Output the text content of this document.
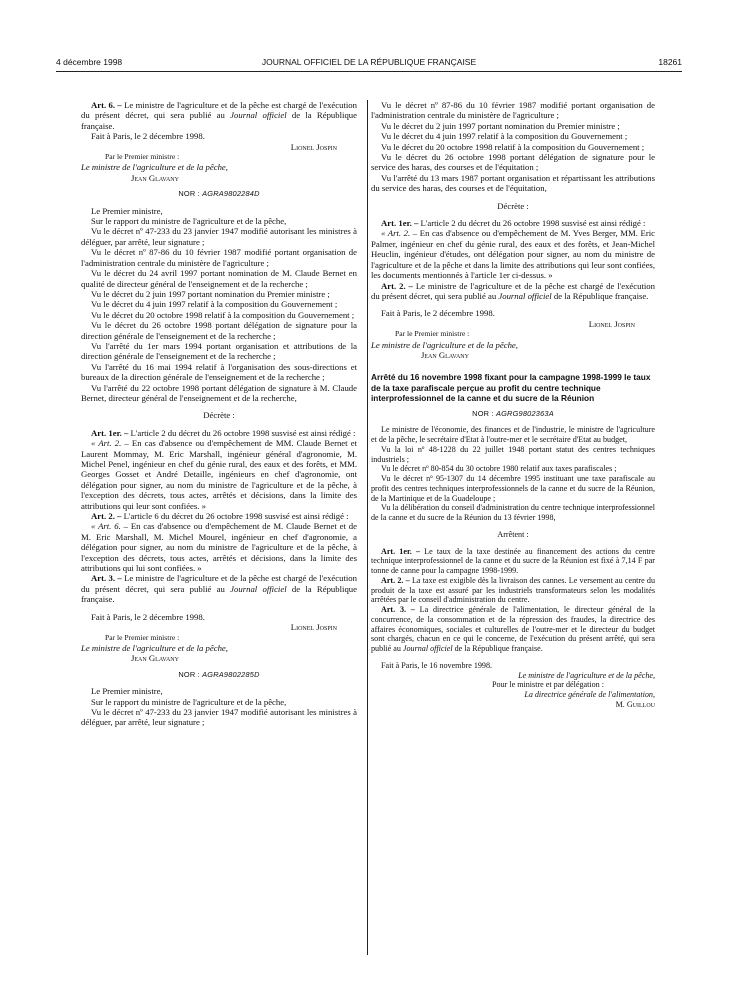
4 décembre 1998	JOURNAL OFFICIEL DE LA RÉPUBLIQUE FRANÇAISE	18261

Art. 6. – Le ministre de l'agriculture et de la pêche est chargé de l'exécution du présent décret, qui sera publié au Journal officiel de la République française.

Fait à Paris, le 2 décembre 1998.

Lionel Jospin

Par le Premier ministre :

Le ministre de l'agriculture et de la pêche,

Jean Glavany

NOR : AGRA9802284D

Le Premier ministre,

Sur le rapport du ministre de l'agriculture et de la pêche,

Vu le décret nº 47-233 du 23 janvier 1947 modifié autorisant les ministres à déléguer, par arrêté, leur signature ;

Vu le décret nº 87-86 du 10 février 1987 modifié portant organisation de l'administration centrale du ministère de l'agriculture ;

Vu le décret du 24 avril 1997 portant nomination de M. Claude Bernet en qualité de directeur général de l'enseignement et de la recherche ;

Vu le décret du 2 juin 1997 portant nomination du Premier ministre ;

Vu le décret du 4 juin 1997 relatif à la composition du Gouvernement ;

Vu le décret du 20 octobre 1998 relatif à la composition du Gouvernement ;

Vu le décret du 26 octobre 1998 portant délégation de signature pour la direction générale de l'enseignement et de la recherche ;

Vu l'arrêté du 1er mars 1994 portant organisation et attributions de la direction générale de l'enseignement et de la recherche ;

Vu l'arrêté du 16 mai 1994 relatif à l'organisation des sous-directions et bureaux de la direction générale de l'enseignement et de la recherche ;

Vu l'arrêté du 22 octobre 1998 portant délégation de signature à M. Claude Bernet, directeur général de l'enseignement et de la recherche,

Décrète :

Art. 1er. – L'article 2 du décret du 26 octobre 1998 susvisé est ainsi rédigé :

« Art. 2. – En cas d'absence ou d'empêchement de MM. Claude Bernet et Laurent Mommay, M. Eric Marshall, ingénieur général d'agronomie, M. Michel Penel, ingénieur en chef du génie rural, des eaux et des forêts, et MM. Georges Gosset et André Detaille, ingénieurs en chef d'agronomie, ont délégation pour signer, au nom du ministre de l'agriculture et de la pêche, à l'exception des décrets, tous actes, arrêtés et décisions, dans la limite des attributions qui leur sont confiées. »

Art. 2. – L'article 6 du décret du 26 octobre 1998 susvisé est ainsi rédigé :

« Art. 6. – En cas d'absence ou d'empêchement de M. Claude Bernet et de M. Eric Marshall, M. Michel Mourel, ingénieur en chef d'agronomie, a délégation pour signer, au nom du ministre de l'agriculture et de la pêche, à l'exception des décrets, tous actes, arrêtés et décisions, dans la limite des attributions qui lui sont confiées. »

Art. 3. – Le ministre de l'agriculture et de la pêche est chargé de l'exécution du présent décret, qui sera publié au Journal officiel de la République française.

Fait à Paris, le 2 décembre 1998.

Lionel Jospin

Par le Premier ministre :

Le ministre de l'agriculture et de la pêche,

Jean Glavany

NOR : AGRA9802285D

Le Premier ministre,

Sur le rapport du ministre de l'agriculture et de la pêche,

Vu le décret nº 47-233 du 23 janvier 1947 modifié autorisant les ministres à déléguer, par arrêté, leur signature ;

Vu le décret nº 87-86 du 10 février 1987 modifié portant organisation de l'administration centrale du ministère de l'agriculture ;

Vu le décret du 2 juin 1997 portant nomination du Premier ministre ;

Vu le décret du 4 juin 1997 relatif à la composition du Gouvernement ;

Vu le décret du 20 octobre 1998 relatif à la composition du Gouvernement ;

Vu le décret du 26 octobre 1998 portant délégation de signature pour le service des haras, des courses et de l'équitation ;

Vu l'arrêté du 13 mars 1987 portant organisation et répartissant les attributions du service des haras, des courses et de l'équitation,

Décrète :

Art. 1er. – L'article 2 du décret du 26 octobre 1998 susvisé est ainsi rédigé :

« Art. 2. – En cas d'absence ou d'empêchement de M. Yves Berger, MM. Eric Palmer, ingénieur en chef du génie rural, des eaux et des forêts, et Jean-Michel Heuclin, ingénieur d'études, ont délégation pour signer, au nom du ministre de l'agriculture et de la pêche et dans la limite des attributions qui leur sont confiées, les documents mentionnés à l'article 1er ci-dessus. »

Art. 2. – Le ministre de l'agriculture et de la pêche est chargé de l'exécution du présent décret, qui sera publié au Journal officiel de la République française.

Fait à Paris, le 2 décembre 1998.

Lionel Jospin

Par le Premier ministre :

Le ministre de l'agriculture et de la pêche,

Jean Glavany

Arrêté du 16 novembre 1998 fixant pour la campagne 1998-1999 le taux de la taxe parafiscale perçue au profit du centre technique interprofessionnel de la canne et du sucre de la Réunion

NOR : AGRG9802363A

Le ministre de l'économie, des finances et de l'industrie, le ministre de l'agriculture et de la pêche, le secrétaire d'Etat à l'outre-mer et le secrétaire d'Etat au budget,

Vu la loi nº 48-1228 du 22 juillet 1948 portant statut des centres techniques industriels ;

Vu le décret nº 80-854 du 30 octobre 1980 relatif aux taxes parafiscales ;

Vu le décret nº 95-1307 du 14 décembre 1995 instituant une taxe parafiscale au profit des centres techniques interprofessionnels de la canne et du sucre de la Réunion, de la Martinique et de la Guadeloupe ;

Vu la délibération du conseil d'administration du centre technique interprofessionnel de la canne et du sucre de la Réunion du 13 février 1998,

Arrêtent :

Art. 1er. – Le taux de la taxe destinée au financement des actions du centre technique interprofessionnel de la canne et du sucre de la Réunion est fixé à 7,14 F par tonne de canne pour la campagne 1998-1999.

Art. 2. – La taxe est exigible dès la livraison des cannes. Le versement au centre du produit de la taxe est assuré par les industriels transformateurs selon les modalités arrêtées par le conseil d'administration du centre.

Art. 3. – La directrice générale de l'alimentation, le directeur général de la concurrence, de la consommation et de la répression des fraudes, la directrice des affaires économiques, sociales et culturelles de l'outre-mer et le directeur du budget sont chargés, chacun en ce qui le concerne, de l'exécution du présent arrêté, qui sera publié au Journal officiel de la République française.

Fait à Paris, le 16 novembre 1998.

Le ministre de l'agriculture et de la pêche,

Pour le ministre et par délégation :

La directrice générale de l'alimentation,

M. Guillou
